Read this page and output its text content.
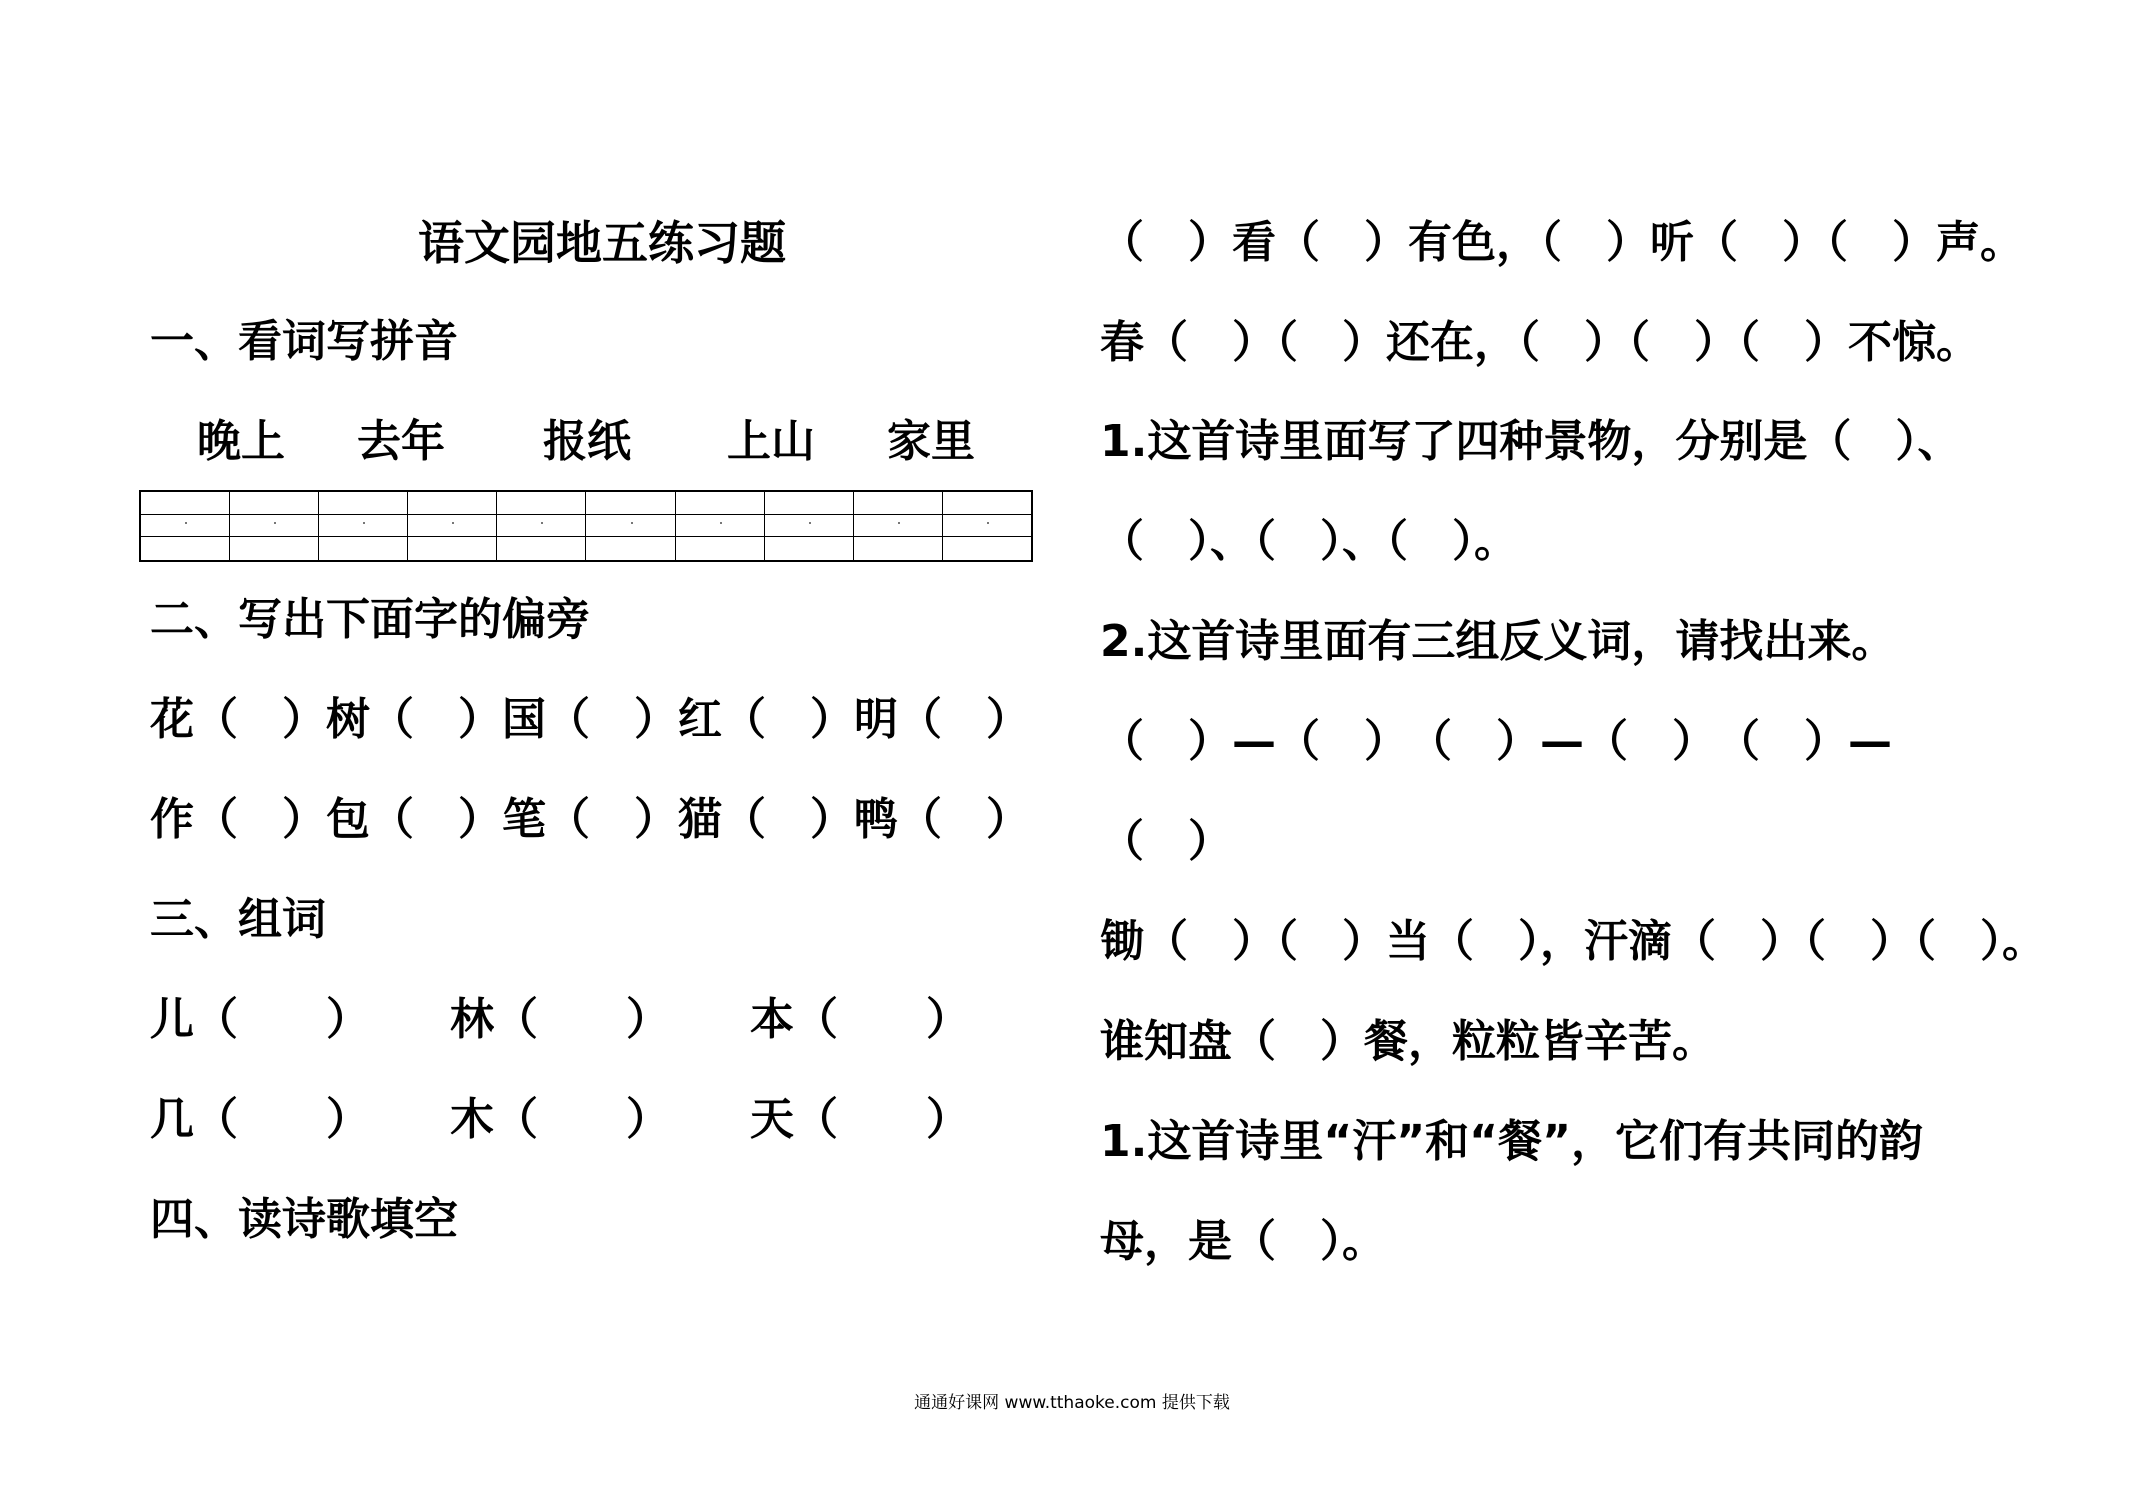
语文园地五练习题
一、看词写拼音
晚上 去年 报纸 上山 家里
二、写出下面字的偏旁
花（　）树（　）国（　）红（　）明（　）
作（　）包（　）笔（　）猫（　）鸭（　）
三、组词
儿（　　） 林（　　） 本（　　）
几（　　） 木（　　） 天（　　）
四、读诗歌填空
（　）看（　）有色，（　）听（　）（　）声。
春（　）（　）还在，（　）（　）（　）不惊。
1.这首诗里面写了四种景物，分别是（　）、
（　）、（　）、（　）。
2.这首诗里面有三组反义词，请找出来。
（　）—（　）　（　）—（　）　（　）—
（　）
锄（　）（　）当（　），汗滴（　）（　）（　）。
谁知盘（　）餐，粒粒皆辛苦。
1.这首诗里“汗”和“餐”，它们有共同的韵
母，是（　）。
通通好课网 www.tthaoke.com 提供下载
